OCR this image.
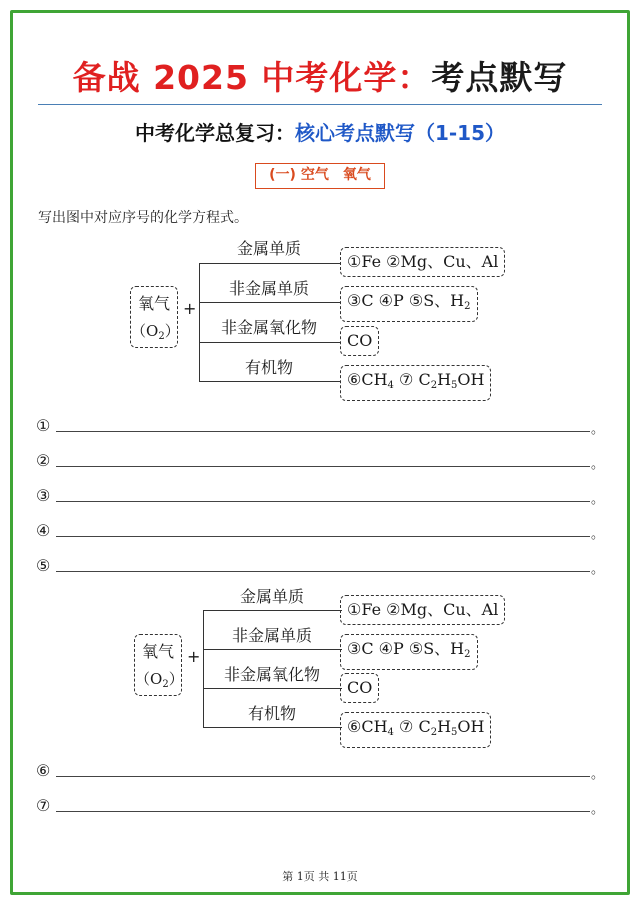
备战 2025 中考化学：考点默写
中考化学总复习：核心考点默写（1-15）
(一) 空气　氧气
写出图中对应序号的化学方程式。
氧气
$(O_2)$
+
金属单质
非金属单质
非金属氧化物
有机物
①Fe ②Mg、Cu、Al
③C ④P ⑤S、$H_2$
CO
$⑥CH_4$ ⑦ $C_2H_5OH$
①	。
②	。
③	。
④	。
⑤	。
氧气
$(O_2)$
+
金属单质
非金属单质
非金属氧化物
有机物
①Fe ②Mg、Cu、Al
③C ④P ⑤S、$H_2$
CO
$⑥CH_4$ ⑦ $C_2H_5OH$
⑥	。
⑦	。
第 1页 共 11页
